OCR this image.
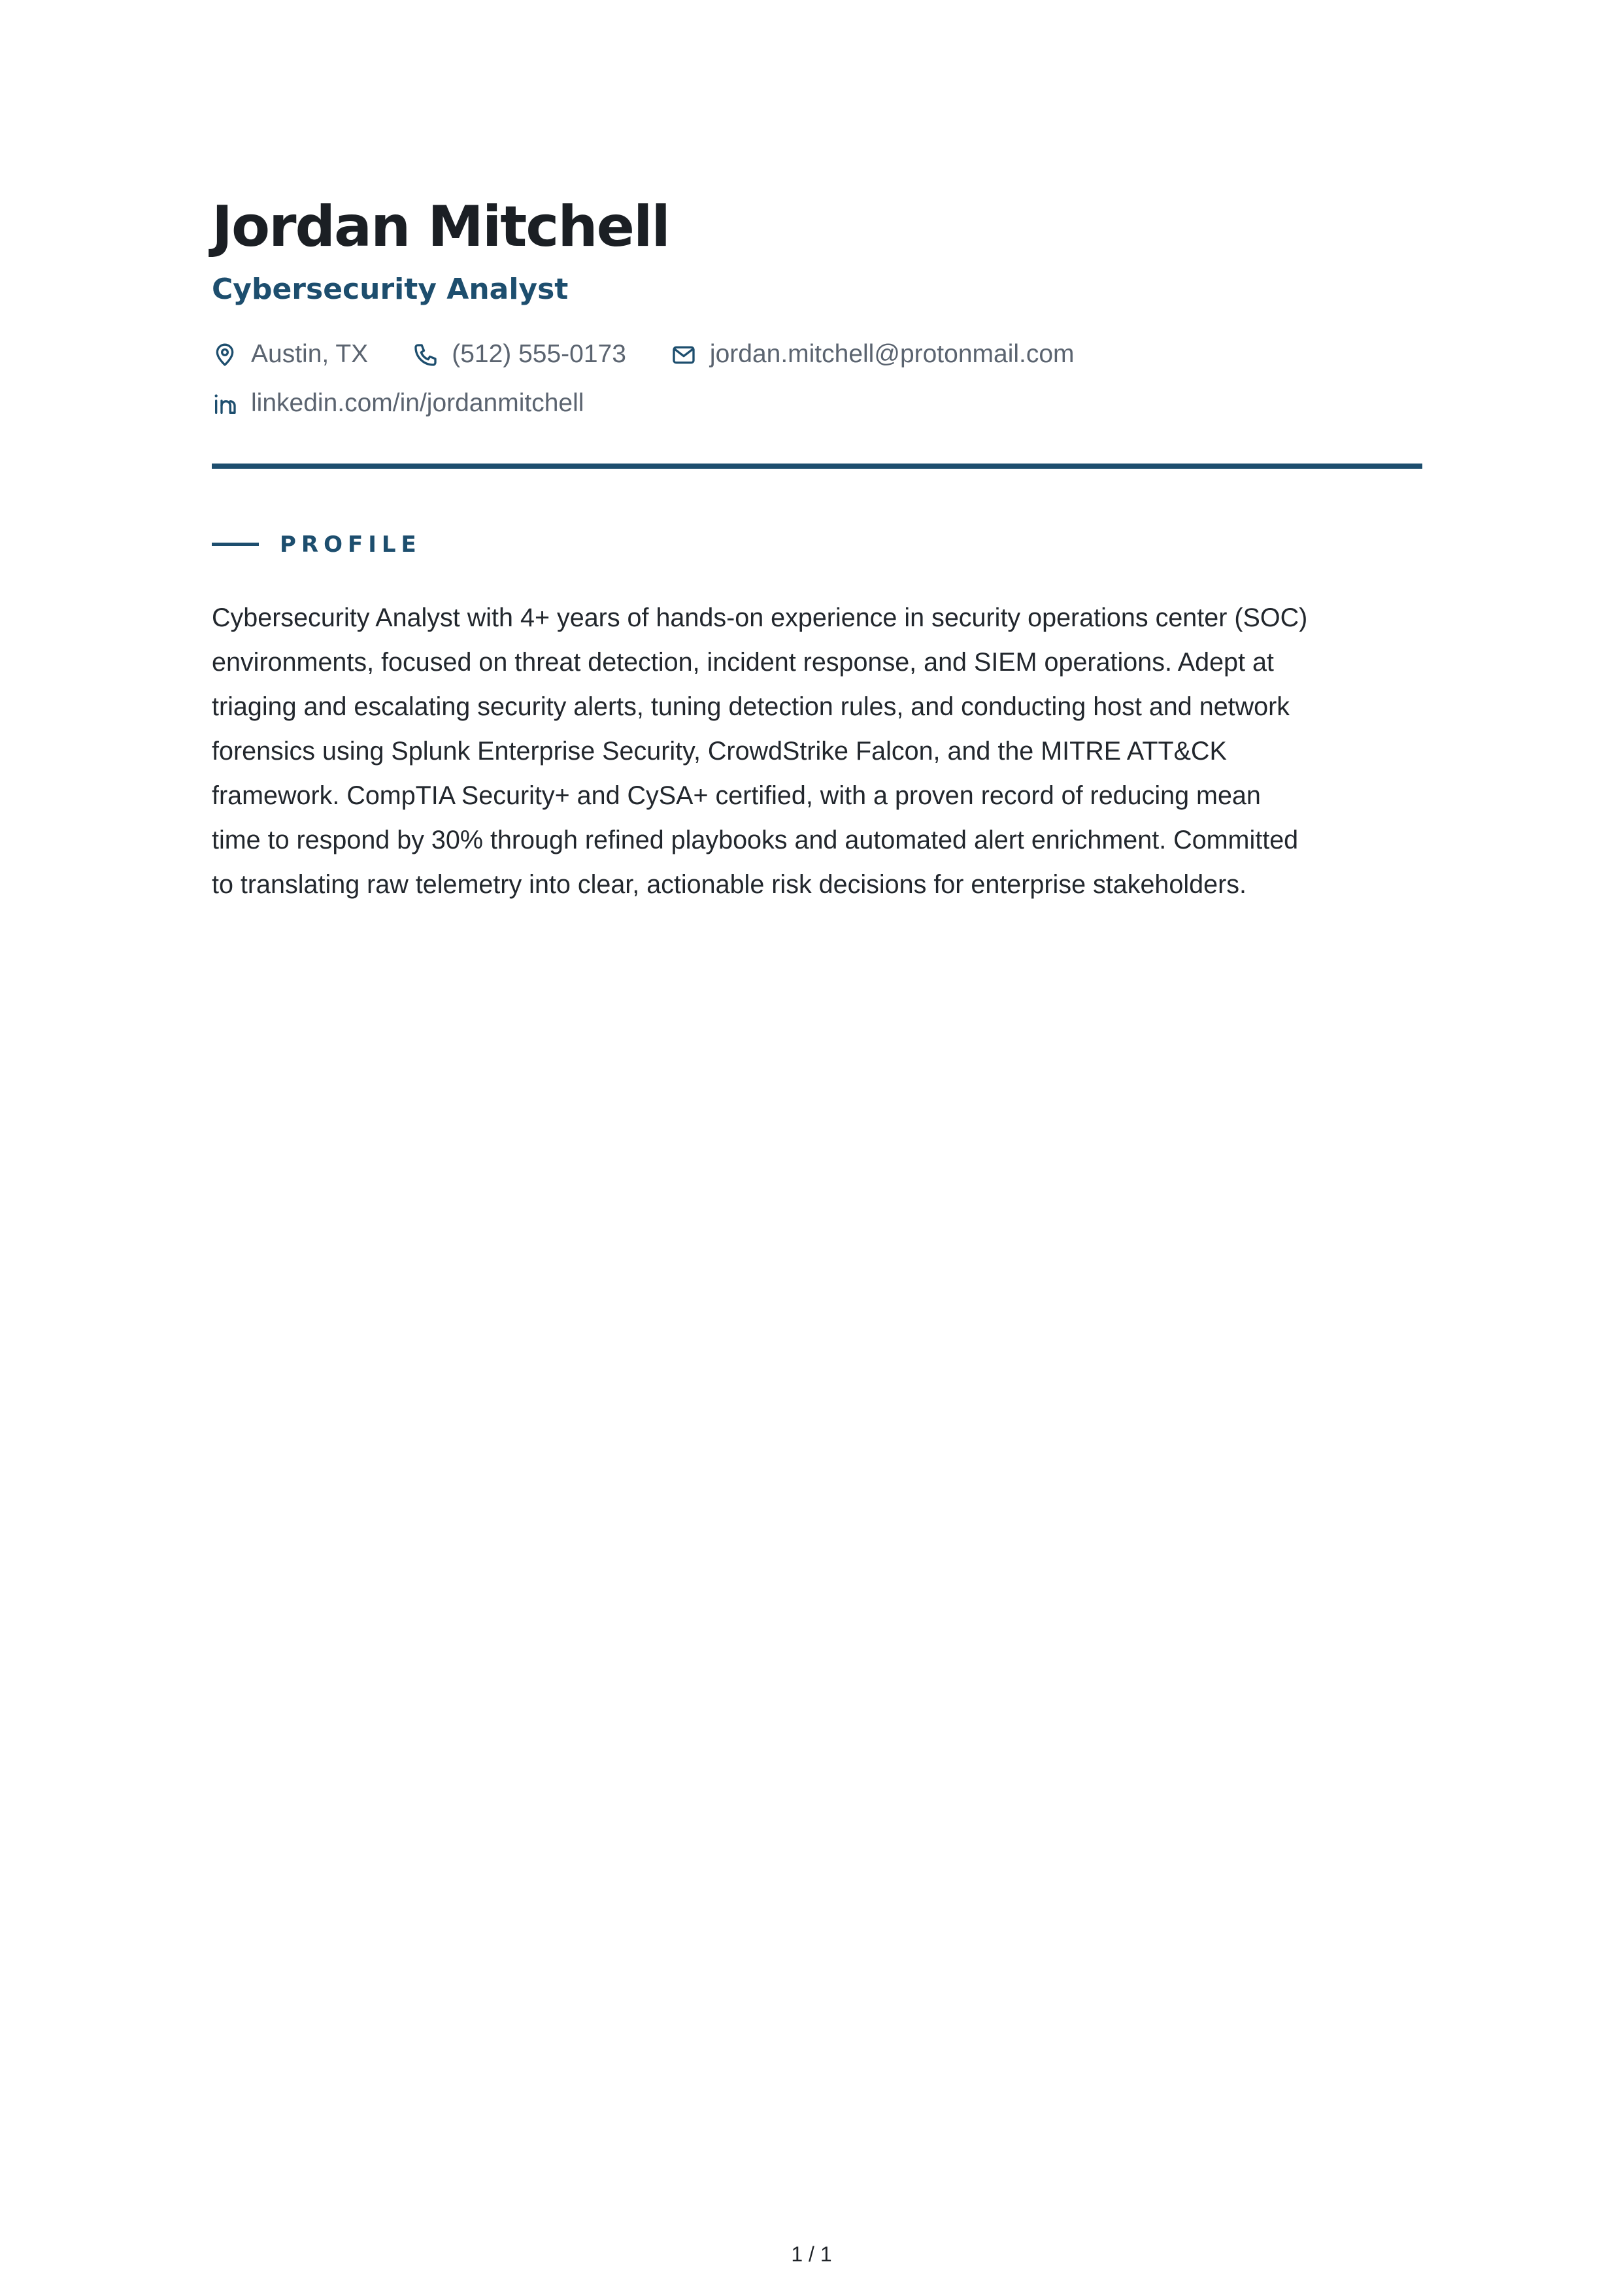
Jordan Mitchell
Cybersecurity Analyst
Austin, TX	(512) 555-0173	jordan.mitchell@protonmail.com
linkedin.com/in/jordanmitchell
PROFILE

Cybersecurity Analyst with 4+ years of hands-on experience in security operations center (SOC) environments, focused on threat detection, incident response, and SIEM operations. Adept at triaging and escalating security alerts, tuning detection rules, and conducting host and network forensics using Splunk Enterprise Security, CrowdStrike Falcon, and the MITRE ATT&CK framework. CompTIA Security+ and CySA+ certified, with a proven record of reducing mean time to respond by 30% through refined playbooks and automated alert enrichment. Committed to translating raw telemetry into clear, actionable risk decisions for enterprise stakeholders.

1 / 1
